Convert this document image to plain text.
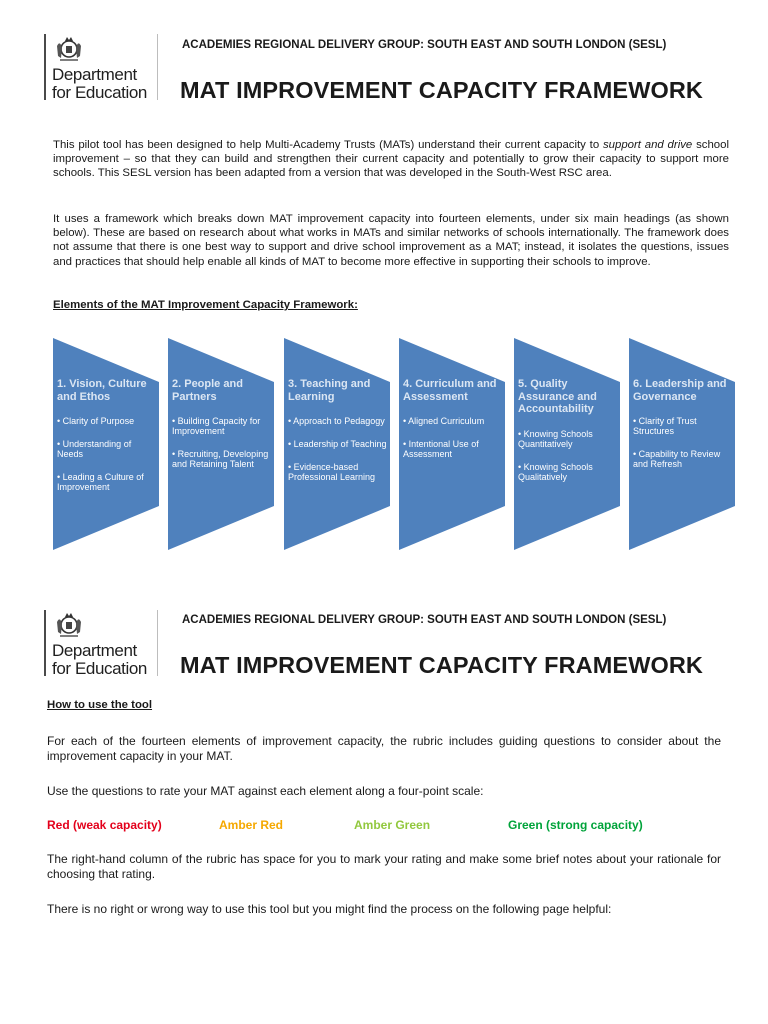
Department
for Education
ACADEMIES REGIONAL DELIVERY GROUP: SOUTH EAST AND SOUTH LONDON (SESL)
MAT IMPROVEMENT CAPACITY FRAMEWORK
This pilot tool has been designed to help Multi-Academy Trusts (MATs) understand their current capacity to support and drive school improvement – so that they can build and strengthen their current capacity and potentially to grow their capacity to support more schools. This SESL version has been adapted from a version that was developed in the South-West RSC area.
It uses a framework which breaks down MAT improvement capacity into fourteen elements, under six main headings (as shown below). These are based on research about what works in MATs and similar networks of schools internationally. The framework does not assume that there is one best way to support and drive school improvement as a MAT; instead, it isolates the questions, issues and practices that should help enable all kinds of MAT to become more effective in supporting their schools to improve.
Elements of the MAT Improvement Capacity Framework:
1. Vision, Culture and Ethos
• Clarity of Purpose
• Understanding of Needs
• Leading a Culture of Improvement
2. People and Partners
• Building Capacity for Improvement
• Recruiting, Developing and Retaining Talent
3. Teaching and Learning
• Approach to Pedagogy
• Leadership of Teaching
• Evidence-based Professional Learning
4. Curriculum and Assessment
• Aligned Curriculum
• Intentional Use of Assessment
5. Quality Assurance and Accountability
• Knowing Schools Quantitatively
• Knowing Schools Qualitatively
6. Leadership and Governance
• Clarity of Trust Structures
• Capability to Review and Refresh
Department
for Education
ACADEMIES REGIONAL DELIVERY GROUP: SOUTH EAST AND SOUTH LONDON (SESL)
MAT IMPROVEMENT CAPACITY FRAMEWORK
How to use the tool
For each of the fourteen elements of improvement capacity, the rubric includes guiding questions to consider about the improvement capacity in your MAT.
Use the questions to rate your MAT against each element along a four-point scale:
Red (weak capacity)	Amber Red	Amber Green	Green (strong capacity)
The right-hand column of the rubric has space for you to mark your rating and make some brief notes about your rationale for choosing that rating.
There is no right or wrong way to use this tool but you might find the process on the following page helpful:
